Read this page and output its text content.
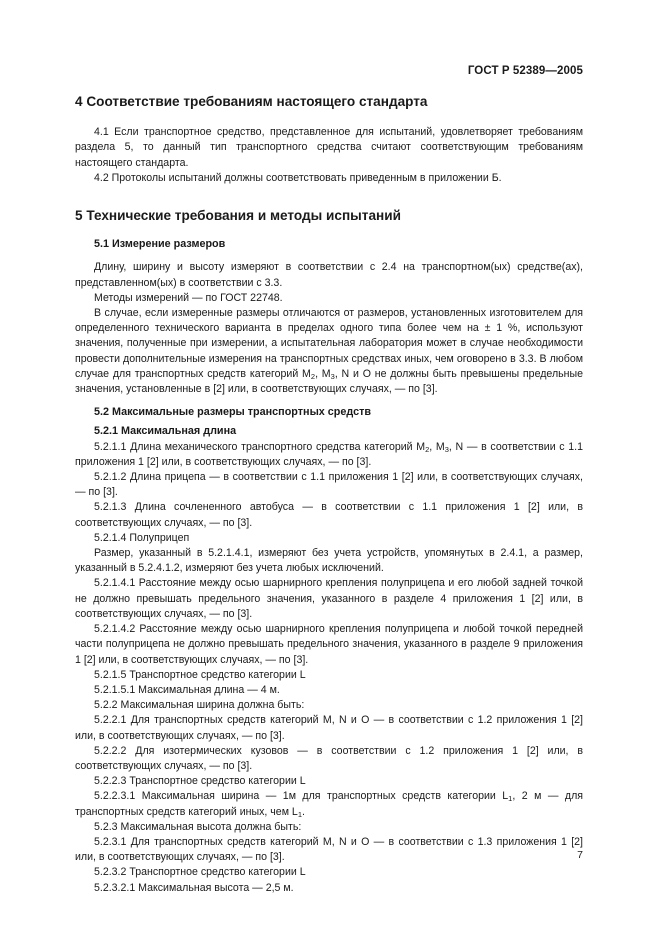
ГОСТ Р 52389—2005
4 Соответствие требованиям настоящего стандарта
4.1 Если транспортное средство, представленное для испытаний, удовлетворяет требованиям раздела 5, то данный тип транспортного средства считают соответствующим требованиям настоящего стандарта.
4.2 Протоколы испытаний должны соответствовать приведенным в приложении Б.
5 Технические требования и методы испытаний
5.1 Измерение размеров
Длину, ширину и высоту измеряют в соответствии с 2.4 на транспортном(ых) средстве(ах), представленном(ых) в соответствии с 3.3.
Методы измерений — по ГОСТ 22748.
В случае, если измеренные размеры отличаются от размеров, установленных изготовителем для определенного технического варианта в пределах одного типа более чем на ± 1 %, используют значения, полученные при измерении, а испытательная лаборатория может в случае необходимости провести дополнительные измерения на транспортных средствах иных, чем оговорено в 3.3. В любом случае для транспортных средств категорий $M_2$, $M_3$, N и O не должны быть превышены предельные значения, установленные в [2] или, в соответствующих случаях, — по [3].
5.2 Максимальные размеры транспортных средств
5.2.1 Максимальная длина
5.2.1.1 Длина механического транспортного средства категорий $M_2$, $M_3$, N — в соответствии с 1.1 приложения 1 [2] или, в соответствующих случаях, — по [3].
5.2.1.2 Длина прицепа — в соответствии с 1.1 приложения 1 [2] или, в соответствующих случаях, — по [3].
5.2.1.3 Длина сочлененного автобуса — в соответствии с 1.1 приложения 1 [2] или, в соответствующих случаях, — по [3].
5.2.1.4 Полуприцеп
Размер, указанный в 5.2.1.4.1, измеряют без учета устройств, упомянутых в 2.4.1, а размер, указанный в 5.2.4.1.2, измеряют без учета любых исключений.
5.2.1.4.1 Расстояние между осью шарнирного крепления полуприцепа и его любой задней точкой не должно превышать предельного значения, указанного в разделе 4 приложения 1 [2] или, в соответствующих случаях, — по [3].
5.2.1.4.2 Расстояние между осью шарнирного крепления полуприцепа и любой точкой передней части полуприцепа не должно превышать предельного значения, указанного в разделе 9 приложения 1 [2] или, в соответствующих случаях, — по [3].
5.2.1.5 Транспортное средство категории L
5.2.1.5.1 Максимальная длина — 4 м.
5.2.2 Максимальная ширина должна быть:
5.2.2.1 Для транспортных средств категорий M, N и O — в соответствии с 1.2 приложения 1 [2] или, в соответствующих случаях, — по [3].
5.2.2.2 Для изотермических кузовов — в соответствии с 1.2 приложения 1 [2] или, в соответствующих случаях, — по [3].
5.2.2.3 Транспортное средство категории L
5.2.2.3.1 Максимальная ширина — 1м для транспортных средств категории $L_1$, 2 м — для транспортных средств категорий иных, чем $L_1$.
5.2.3 Максимальная высота должна быть:
5.2.3.1 Для транспортных средств категорий M, N и O — в соответствии с 1.3 приложения 1 [2] или, в соответствующих случаях, — по [3].
5.2.3.2 Транспортное средство категории L
5.2.3.2.1 Максимальная высота — 2,5 м.
7
